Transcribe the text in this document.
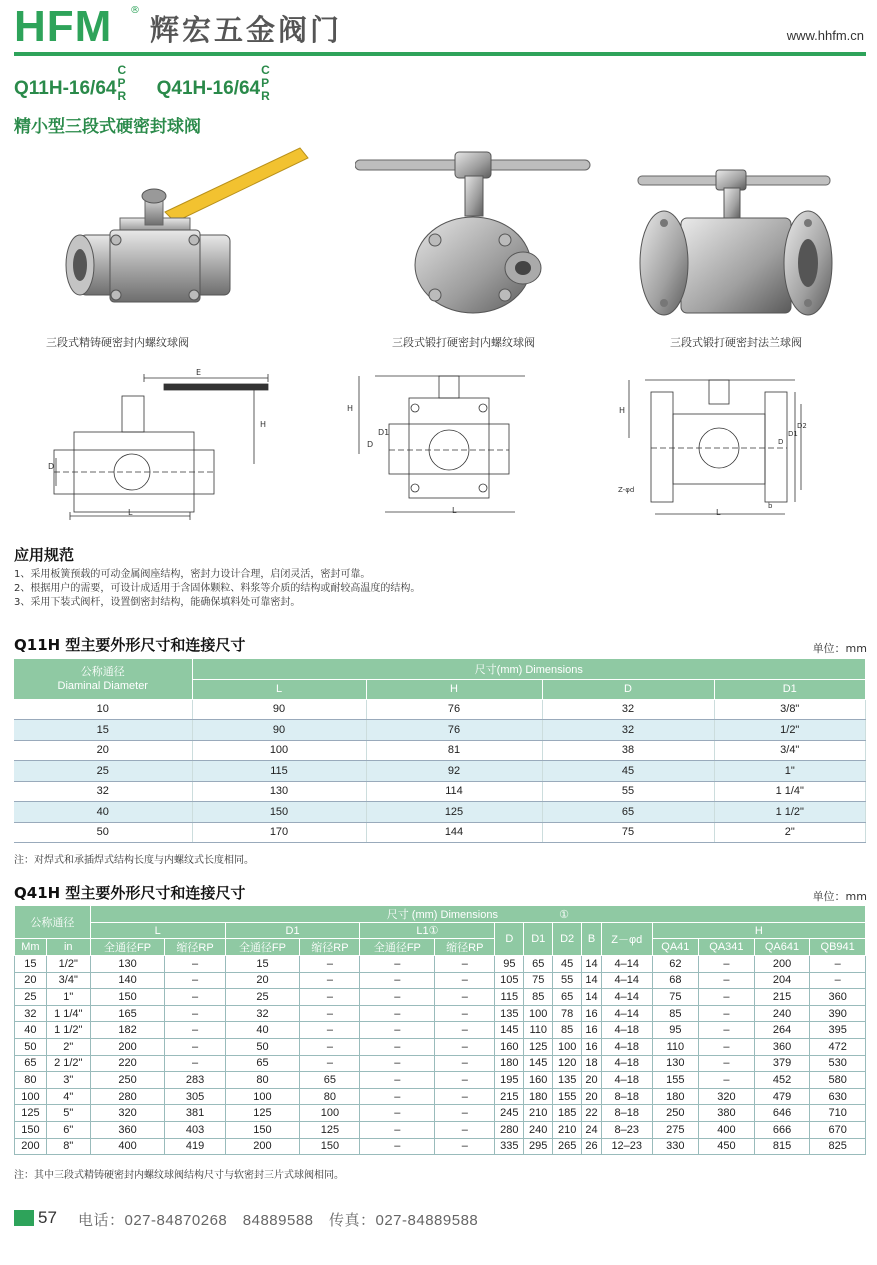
HFM ®
辉宏五金阀门	www.hhfm.cn
Q11H-16/64
C
P
R Q41H-16/64
C
P
R
精小型三段式硬密封球阀
三段式精铸硬密封内螺纹球阀	三段式锻打硬密封内螺纹球阀	三段式锻打硬密封法兰球阀
E
H
D
L
H
D
D1
L
H
D
D1
D2
Z-φd
b
L
应用规范
1、采用板簧预载的可动金属阀座结构，密封力设计合理，启闭灵活，密封可靠。
2、根据用户的需要，可设计成适用于含固体颗粒、料浆等介质的结构或耐较高温度的结构。
3、采用下装式阀杆，设置倒密封结构，能确保填料处可靠密封。
Q11H 型主要外形尺寸和连接尺寸	单位：mm
公称通径
Diaminal Diameter	尺寸(mm) Dimensions			
	L	H	D	D1
10	90	76	32	3/8"
15	90	76	32	1/2"
20	100	81	38	3/4"
25	115	92	45	1"
32	130	114	55	1 1/4"
40	150	125	65	1 1/2"
50	170	144	75	2"
注：对焊式和承插焊式结构长度与内螺纹式长度相同。
Q41H 型主要外形尺寸和连接尺寸	单位：mm
公称通径		尺寸 (mm) Dimensions ①														
		L		D1		L1①		D	D1	D2	B	Z－φd	H			
Mm	in	全通径FP	缩径RP	全通径FP	缩径RP	全通径FP	缩径RP						QA41	QA341	QA641	QB941
15	1/2"	130	–	15	–	–	–	95	65	45	14	4–14	62	–	200	–
20	3/4"	140	–	20	–	–	–	105	75	55	14	4–14	68	–	204	–
25	1"	150	–	25	–	–	–	115	85	65	14	4–14	75	–	215	360
32	1 1/4"	165	–	32	–	–	–	135	100	78	16	4–14	85	–	240	390
40	1 1/2"	182	–	40	–	–	–	145	110	85	16	4–18	95	–	264	395
50	2"	200	–	50	–	–	–	160	125	100	16	4–18	110	–	360	472
65	2 1/2"	220	–	65	–	–	–	180	145	120	18	4–18	130	–	379	530
80	3"	250	283	80	65	–	–	195	160	135	20	4–18	155	–	452	580
100	4"	280	305	100	80	–	–	215	180	155	20	8–18	180	320	479	630
125	5"	320	381	125	100	–	–	245	210	185	22	8–18	250	380	646	710
150	6"	360	403	150	125	–	–	280	240	210	24	8–23	275	400	666	670
200	8"	400	419	200	150	–	–	335	295	265	26	12–23	330	450	815	825
注：其中三段式精铸硬密封内螺纹球阀结构尺寸与软密封三片式球阀相同。
57 电话：027-84870268　84889588　传真：027-84889588
